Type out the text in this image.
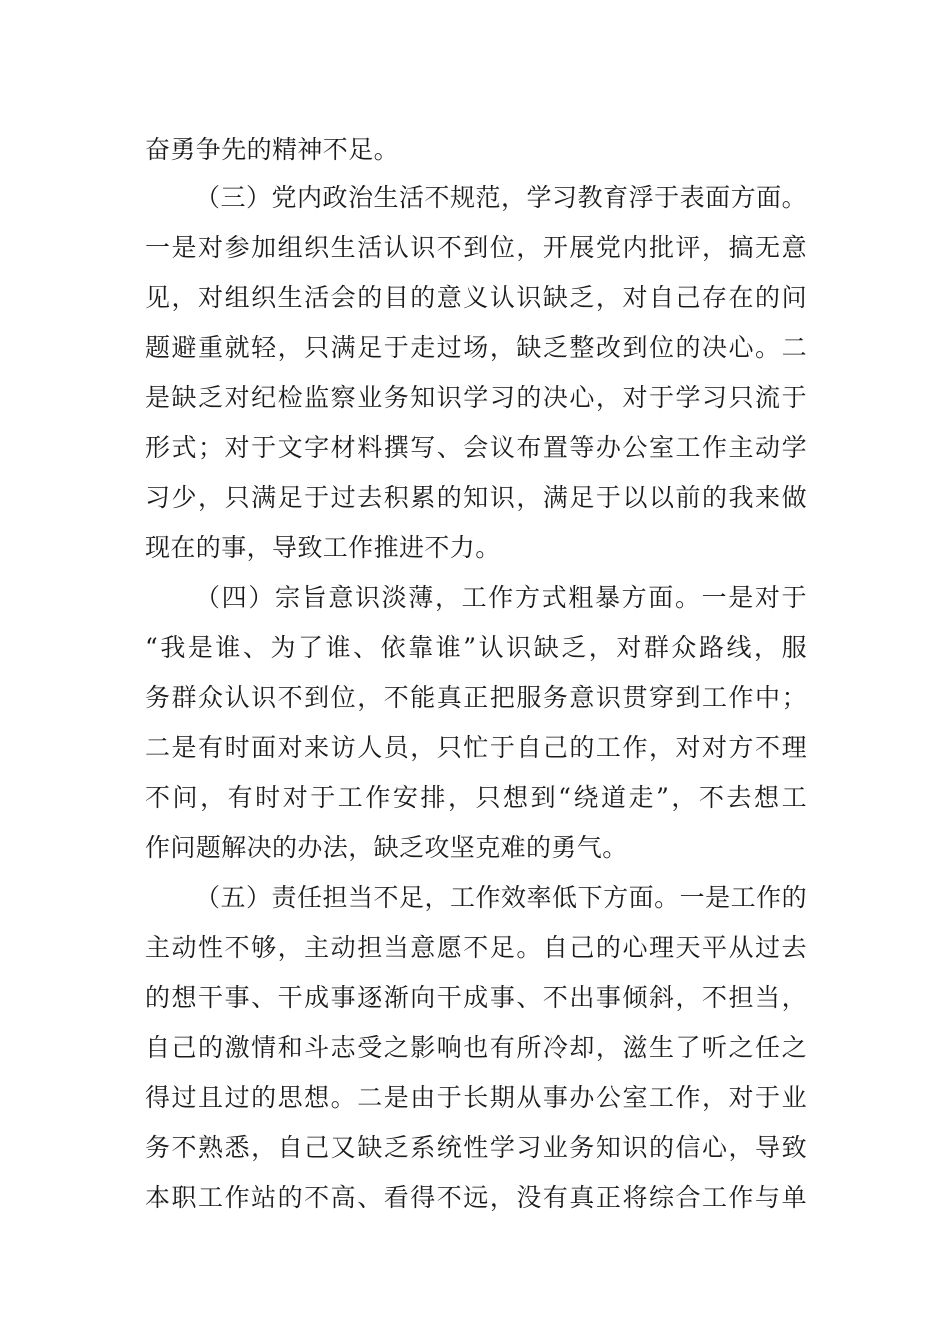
奋勇争先的精神不足。
（三）党内政治生活不规范，学习教育浮于表面方面。
一是对参加组织生活认识不到位，开展党内批评，搞无意
见，对组织生活会的目的意义认识缺乏，对自己存在的问
题避重就轻，只满足于走过场，缺乏整改到位的决心。二
是缺乏对纪检监察业务知识学习的决心，对于学习只流于
形式；对于文字材料撰写、会议布置等办公室工作主动学
习少，只满足于过去积累的知识，满足于以以前的我来做
现在的事，导致工作推进不力。
（四）宗旨意识淡薄，工作方式粗暴方面。一是对于
“我是谁、为了谁、依靠谁”认识缺乏，对群众路线，服
务群众认识不到位，不能真正把服务意识贯穿到工作中；
二是有时面对来访人员，只忙于自己的工作，对对方不理
不问，有时对于工作安排，只想到“绕道走”，不去想工
作问题解决的办法，缺乏攻坚克难的勇气。
（五）责任担当不足，工作效率低下方面。一是工作的
主动性不够，主动担当意愿不足。自己的心理天平从过去
的想干事、干成事逐渐向干成事、不出事倾斜，不担当，
自己的激情和斗志受之影响也有所冷却，滋生了听之任之
得过且过的思想。二是由于长期从事办公室工作，对于业
务不熟悉，自己又缺乏系统性学习业务知识的信心，导致
本职工作站的不高、看得不远，没有真正将综合工作与单
